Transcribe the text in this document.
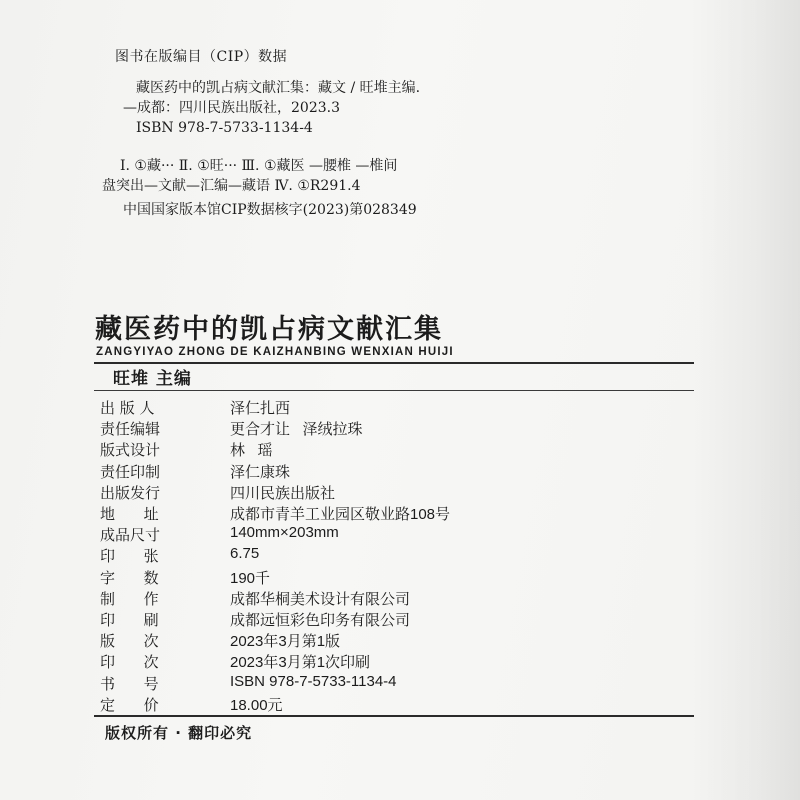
图书在版编目（CIP）数据
藏医药中的凯占病文献汇集：藏文 / 旺堆主编.
—成都：四川民族出版社，2023.3
ISBN 978-7-5733-1134-4
Ⅰ. ①藏··· Ⅱ. ①旺··· Ⅲ. ①藏医 —腰椎 —椎间
盘突出—文献—汇编—藏语 Ⅳ. ①R291.4
中国国家版本馆CIP数据核字(2023)第028349
藏医药中的凯占病文献汇集
ZANGYIYAO ZHONG DE KAIZHANBING WENXIAN HUIJI
旺堆 主编
出 版 人	泽仁扎西
责任编辑	更合才让   泽绒拉珠
版式设计	林   瑶
责任印制	泽仁康珠
出版发行	四川民族出版社
地      址	成都市青羊工业园区敬业路108号
成品尺寸	140mm×203mm
印      张	6.75
字      数	190千
制      作	成都华桐美术设计有限公司
印      刷	成都远恒彩色印务有限公司
版      次	2023年3月第1版
印      次	2023年3月第1次印刷
书      号	ISBN 978-7-5733-1134-4
定      价	18.00元
版权所有 · 翻印必究
